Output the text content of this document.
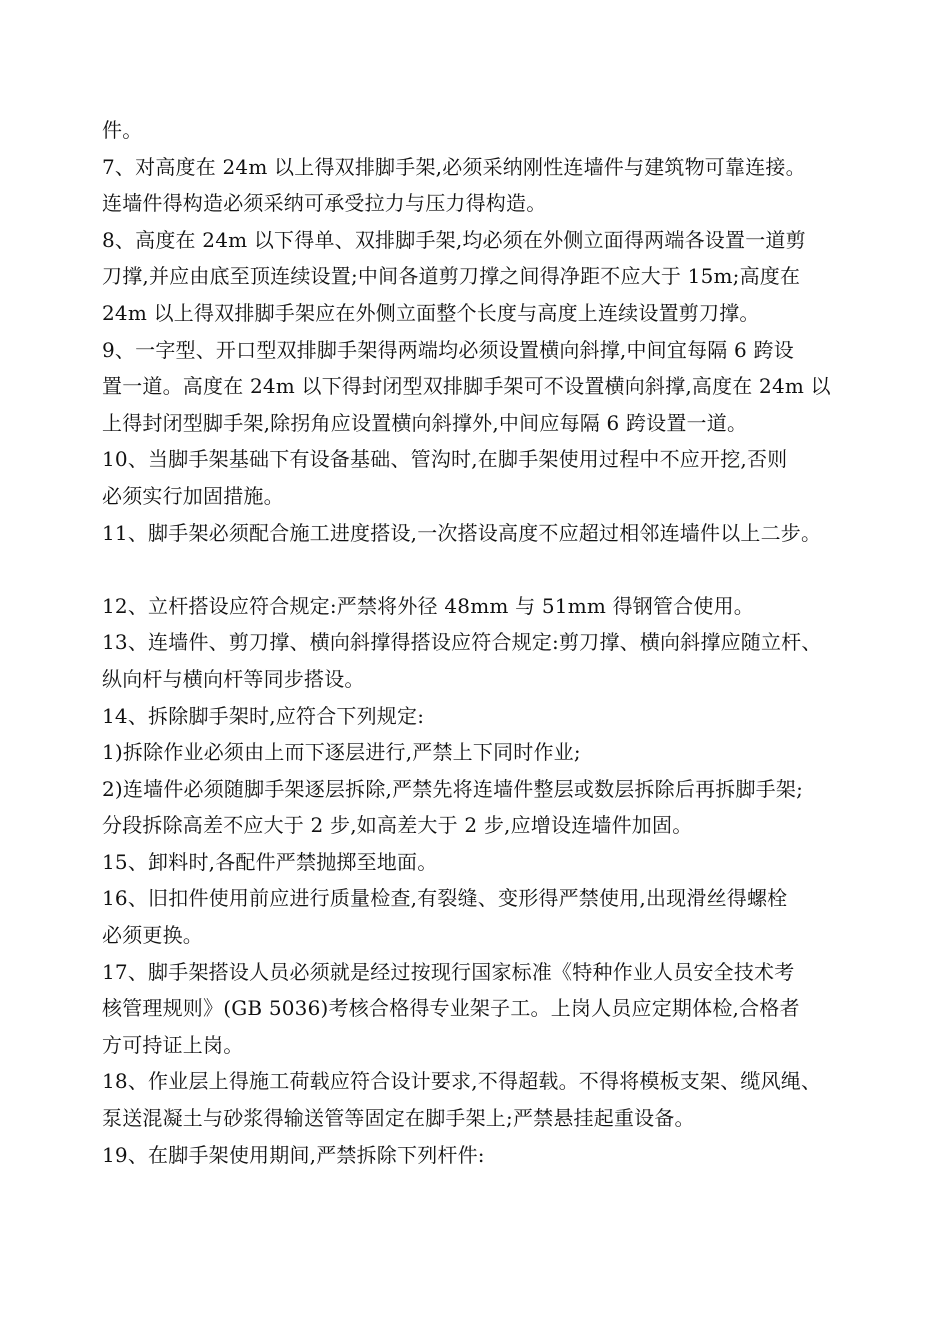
件。
7、对高度在 24m 以上得双排脚手架,必须采纳刚性连墙件与建筑物可靠连接。
连墙件得构造必须采纳可承受拉力与压力得构造。
8、高度在 24m 以下得单、双排脚手架,均必须在外侧立面得两端各设置一道剪
刀撑,并应由底至顶连续设置;中间各道剪刀撑之间得净距不应大于 15m;高度在
24m 以上得双排脚手架应在外侧立面整个长度与高度上连续设置剪刀撑。
9、一字型、开口型双排脚手架得两端均必须设置横向斜撑,中间宜每隔 6 跨设
置一道。高度在 24m 以下得封闭型双排脚手架可不设置横向斜撑,高度在 24m 以
上得封闭型脚手架,除拐角应设置横向斜撑外,中间应每隔 6 跨设置一道。
10、当脚手架基础下有设备基础、管沟时,在脚手架使用过程中不应开挖,否则
必须实行加固措施。
11、脚手架必须配合施工进度搭设,一次搭设高度不应超过相邻连墙件以上二步。
12、立杆搭设应符合规定:严禁将外径 48mm 与 51mm 得钢管合使用。
13、连墙件、剪刀撑、横向斜撑得搭设应符合规定:剪刀撑、横向斜撑应随立杆、
纵向杆与横向杆等同步搭设。
14、拆除脚手架时,应符合下列规定:
1)拆除作业必须由上而下逐层进行,严禁上下同时作业;
2)连墙件必须随脚手架逐层拆除,严禁先将连墙件整层或数层拆除后再拆脚手架;
分段拆除高差不应大于 2 步,如高差大于 2 步,应增设连墙件加固。
15、卸料时,各配件严禁抛掷至地面。
16、旧扣件使用前应进行质量检查,有裂缝、变形得严禁使用,出现滑丝得螺栓
必须更换。
17、脚手架搭设人员必须就是经过按现行国家标准《特种作业人员安全技术考
核管理规则》(GB 5036)考核合格得专业架子工。上岗人员应定期体检,合格者
方可持证上岗。
18、作业层上得施工荷载应符合设计要求,不得超载。不得将模板支架、缆风绳、
泵送混凝土与砂浆得输送管等固定在脚手架上;严禁悬挂起重设备。
19、在脚手架使用期间,严禁拆除下列杆件:
